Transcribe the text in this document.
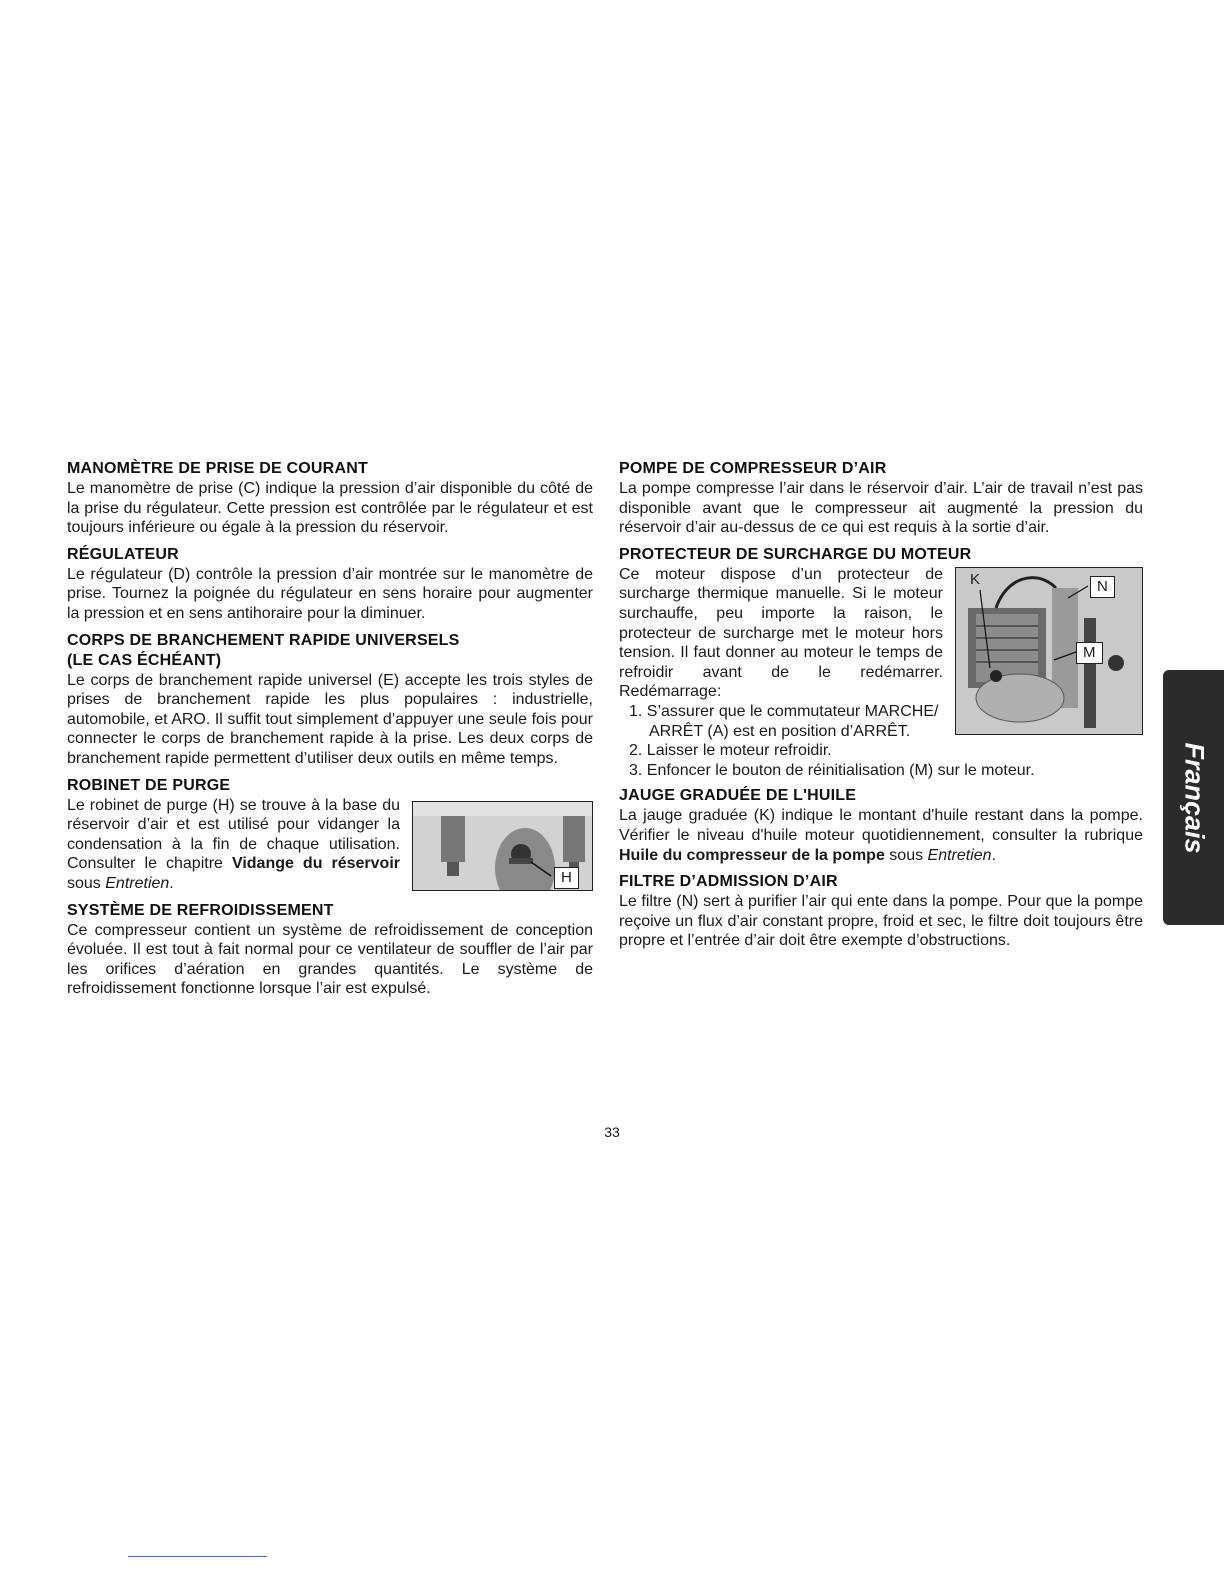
MANOMÈTRE DE PRISE DE COURANT

Le manomètre de prise (C) indique la pression d’air disponible du côté de la prise du régulateur. Cette pression est contrôlée par le régulateur et est toujours inférieure ou égale à la pression du réservoir.

RÉGULATEUR

Le régulateur (D) contrôle la pression d’air montrée sur le manomètre de prise. Tournez la poignée du régulateur en sens horaire pour augmenter la pression et en sens antihoraire pour la diminuer.

CORPS DE BRANCHEMENT RAPIDE UNIVERSELS
(LE CAS ÉCHÉANT)

Le corps de branchement rapide universel (E) accepte les trois styles de prises de branchement rapide les plus populaires : industrielle, automobile, et ARO. Il suffit tout simplement d’appuyer une seule fois pour connecter le corps de branchement rapide à la prise. Les deux corps de branchement rapide permettent d’utiliser deux outils en même temps.

ROBINET DE PURGE
H

Le robinet de purge (H) se trouve à la base du réservoir d’air et est utilisé pour vidanger la condensation à la fin de chaque utilisation. Consulter le chapitre Vidange du réservoir sous Entretien.

SYSTÈME DE REFROIDISSEMENT

Ce compresseur contient un système de refroidissement de conception évoluée. Il est tout à fait normal pour ce ventilateur de souffler de l’air par les orifices d’aération en grandes quantités. Le système de refroidissement fonctionne lorsque l’air est expulsé.

POMPE DE COMPRESSEUR D’AIR

La pompe compresse l’air dans le réservoir d’air. L’air de travail n’est pas disponible avant que le compresseur ait augmenté la pression du réservoir d’air au-dessus de ce qui est requis à la sortie d’air.

PROTECTEUR DE SURCHARGE DU MOTEUR
K	N
M

Ce moteur dispose d’un protecteur de surcharge thermique manuelle. Si le moteur surchauffe, peu importe la raison, le protecteur de surcharge met le moteur hors tension. Il faut donner au moteur le temps de refroidir avant de le redémarrer. Redémarrage:

1. S’assurer que le commutateur MARCHE/ ARRÊT (A) est en position d’ARRÊT.
2. Laisser le moteur refroidir.
3. Enfoncer le bouton de réinitialisation (M) sur le moteur.
JAUGE GRADUÉE DE L'HUILE

La jauge graduée (K) indique le montant d'huile restant dans la pompe. Vérifier le niveau d'huile moteur quotidiennement, consulter la rubrique Huile du compresseur de la pompe sous Entretien.

FILTRE D’ADMISSION D’AIR

Le filtre (N) sert à purifier l’air qui ente dans la pompe. Pour que la pompe reçoive un flux d’air constant propre, froid et sec, le filtre doit toujours être propre et l’entrée d’air doit être exempte d’obstructions.

33
Français
